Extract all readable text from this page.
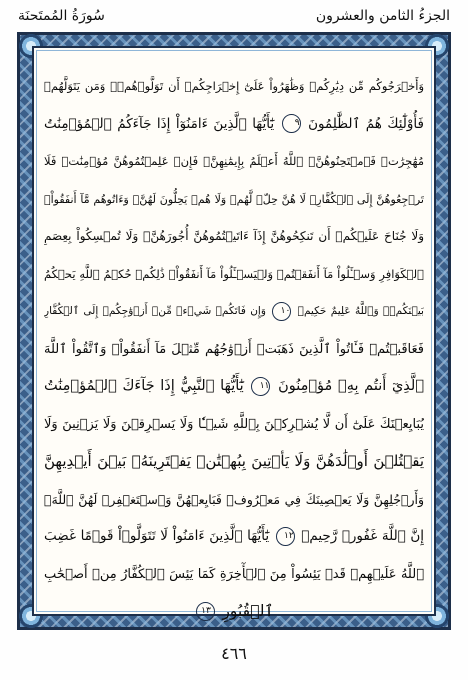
الجزءُ الثامن والعشرون
سُورَةُ المُمتَحنَة
وَأَخۡرَجُوكُم مِّن دِيَٰرِكُمۡ وَظَٰهَرُواْ عَلَىٰٓ إِخۡرَاجِكُمۡ أَن تَوَلَّوۡهُمۡۚ وَمَن يَتَوَلَّهُمۡ
فَأُوْلَٰٓئِكَ هُمُ ٱلظَّٰلِمُونَ ٩ يَٰٓأَيُّهَا ٱلَّذِينَ ءَامَنُوٓاْ إِذَا جَآءَكُمُ ٱلۡمُؤۡمِنَٰتُ
مُهَٰجِرَٰتٖ فَٱمۡتَحِنُوهُنَّۖ ٱللَّهُ أَعۡلَمُ بِإِيمَٰنِهِنَّۖ فَإِنۡ عَلِمۡتُمُوهُنَّ مُؤۡمِنَٰتٖ فَلَا
تَرۡجِعُوهُنَّ إِلَى ٱلۡكُفَّارِۖ لَا هُنَّ حِلّٞ لَّهُمۡ وَلَا هُمۡ يَحِلُّونَ لَهُنَّۖ وَءَاتُوهُم مَّآ أَنفَقُواْۚ
وَلَا جُنَاحَ عَلَيۡكُمۡ أَن تَنكِحُوهُنَّ إِذَآ ءَاتَيۡتُمُوهُنَّ أُجُورَهُنَّۚ وَلَا تُمۡسِكُواْ بِعِصَمِ
ٱلۡكَوَافِرِ وَسۡـَٔلُواْ مَآ أَنفَقۡتُمۡ وَلۡيَسۡـَٔلُواْ مَآ أَنفَقُواْۚ ذَٰلِكُمۡ حُكۡمُ ٱللَّهِ يَحۡكُمُ
بَيۡنَكُمۡۖ وَٱللَّهُ عَلِيمٌ حَكِيمٞ ١٠ وَإِن فَاتَكُمۡ شَيۡءٞ مِّنۡ أَزۡوَٰجِكُمۡ إِلَى ٱلۡكُفَّارِ
فَعَاقَبۡتُمۡ فَـَٔاتُواْ ٱلَّذِينَ ذَهَبَتۡ أَزۡوَٰجُهُم مِّثۡلَ مَآ أَنفَقُواْۚ وَٱتَّقُواْ ٱللَّهَ
ٱلَّذِيٓ أَنتُم بِهِۦ مُؤۡمِنُونَ ١١ يَٰٓأَيُّهَا ٱلنَّبِيُّ إِذَا جَآءَكَ ٱلۡمُؤۡمِنَٰتُ
يُبَايِعۡنَكَ عَلَىٰٓ أَن لَّا يُشۡرِكۡنَ بِٱللَّهِ شَيۡـٔٗا وَلَا يَسۡرِقۡنَ وَلَا يَزۡنِينَ وَلَا
يَقۡتُلۡنَ أَوۡلَٰدَهُنَّ وَلَا يَأۡتِينَ بِبُهۡتَٰنٖ يَفۡتَرِينَهُۥ بَيۡنَ أَيۡدِيهِنَّ
وَأَرۡجُلِهِنَّ وَلَا يَعۡصِينَكَ فِي مَعۡرُوفٖ فَبَايِعۡهُنَّ وَٱسۡتَغۡفِرۡ لَهُنَّ ٱللَّهَۚ
إِنَّ ٱللَّهَ غَفُورٞ رَّحِيمٞ ١٢ يَٰٓأَيُّهَا ٱلَّذِينَ ءَامَنُواْ لَا تَتَوَلَّوۡاْ قَوۡمًا غَضِبَ
ٱللَّهُ عَلَيۡهِمۡ قَدۡ يَئِسُواْ مِنَ ٱلۡأٓخِرَةِ كَمَا يَئِسَ ٱلۡكُفَّارُ مِنۡ أَصۡحَٰبِ
ٱلۡقُبُورِ ١٣
٤٦٦
